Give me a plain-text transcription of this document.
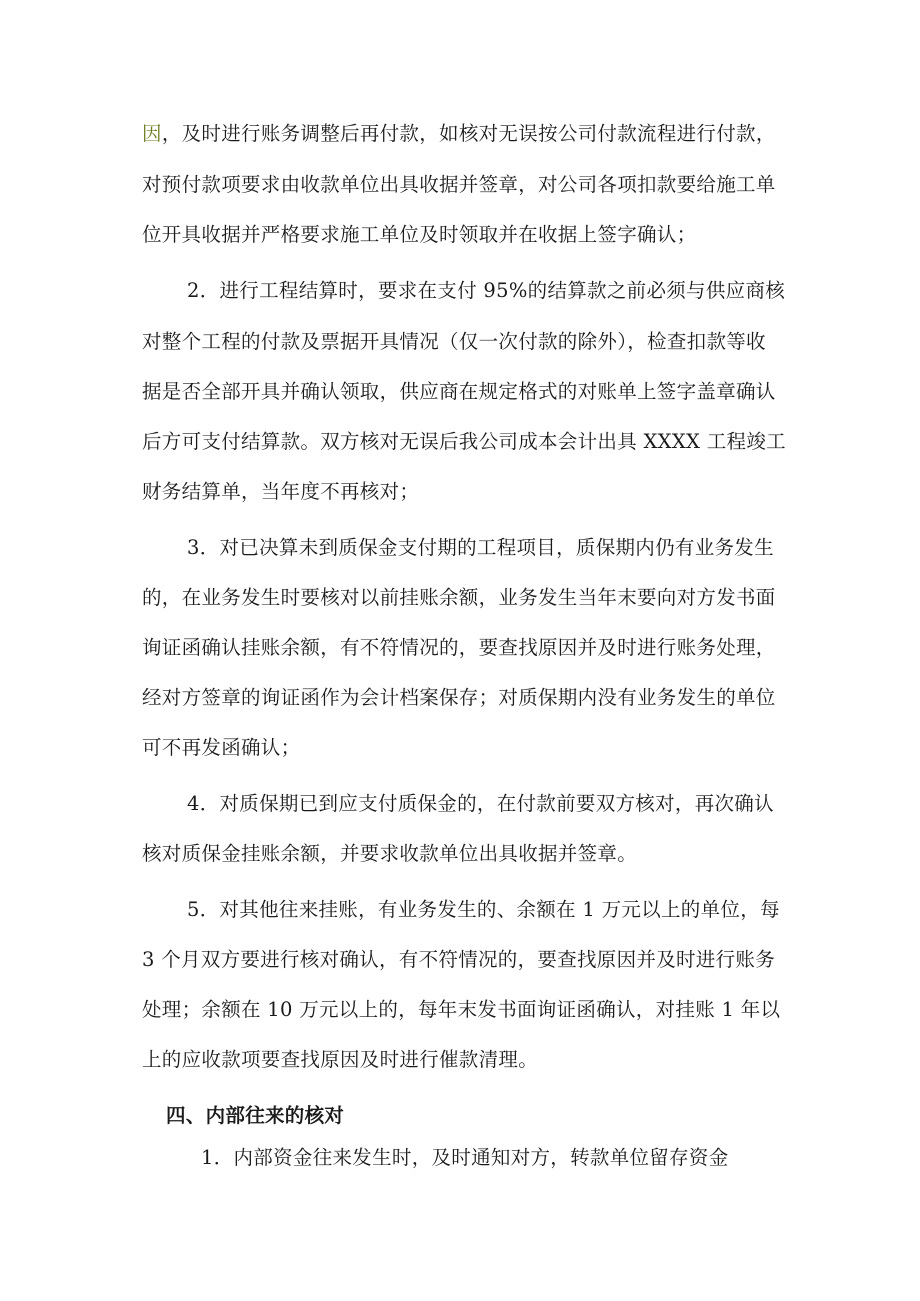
因，及时进行账务调整后再付款，如核对无误按公司付款流程进行付款，
对预付款项要求由收款单位出具收据并签章，对公司各项扣款要给施工单
位开具收据并严格要求施工单位及时领取并在收据上签字确认；
2．进行工程结算时，要求在支付 95%的结算款之前必须与供应商核
对整个工程的付款及票据开具情况（仅一次付款的除外），检查扣款等收
据是否全部开具并确认领取，供应商在规定格式的对账单上签字盖章确认
后方可支付结算款。双方核对无误后我公司成本会计出具 XXXX 工程竣工
财务结算单，当年度不再核对；
3．对已决算未到质保金支付期的工程项目，质保期内仍有业务发生
的，在业务发生时要核对以前挂账余额，业务发生当年末要向对方发书面
询证函确认挂账余额，有不符情况的，要查找原因并及时进行账务处理，
经对方签章的询证函作为会计档案保存；对质保期内没有业务发生的单位
可不再发函确认；
4．对质保期已到应支付质保金的，在付款前要双方核对，再次确认
核对质保金挂账余额，并要求收款单位出具收据并签章。
5．对其他往来挂账，有业务发生的、余额在 1 万元以上的单位，每
3 个月双方要进行核对确认，有不符情况的，要查找原因并及时进行账务
处理；余额在 10 万元以上的，每年末发书面询证函确认，对挂账 1 年以
上的应收款项要查找原因及时进行催款清理。
四、内部往来的核对
1．内部资金往来发生时，及时通知对方，转款单位留存资金
